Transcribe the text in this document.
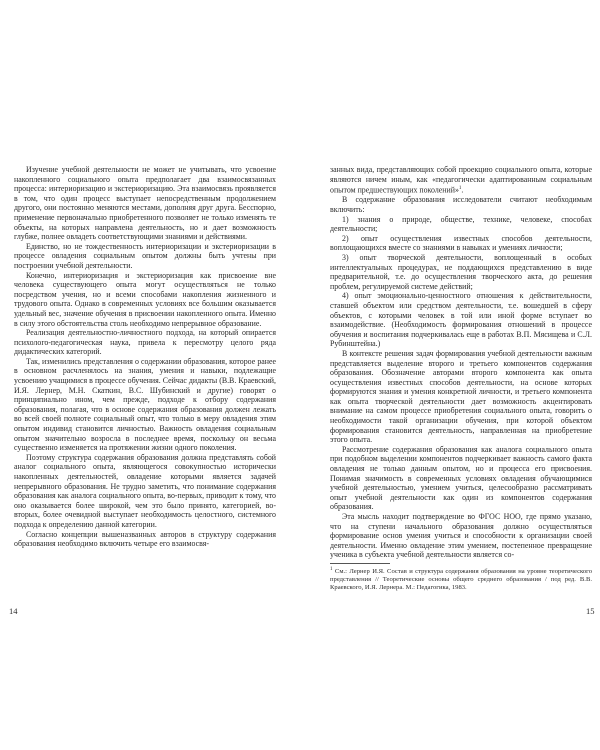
Изучение учебной деятельности не может не учитывать, что усвоение накопленного социального опыта предполагает два взаимосвязанных процесса: интериоризацию и экстериоризацию. Эта взаимосвязь проявляется в том, что один процесс выступает непосредственным продолжением другого, они постоянно меняются местами, дополняя друг друга. Бесспорно, применение первоначально приобретенного позволяет не только изменять те объекты, на которых направлена деятельность, но и дает возможность глубже, полнее овладеть соответствующими знаниями и действиями.

Единство, но не тождественность интериоризации и экстериоризации в процессе овладения социальным опытом должны быть учтены при построении учебной деятельности.

Конечно, интериоризация и экстериоризация как присвоение вне человека существующего опыта могут осуществляться не только посредством учения, но и всеми способами накопления жизненного и трудового опыта. Однако в современных условиях все большим оказывается удельный вес, значение обучения в присвоении накопленного опыта. Именно в силу этого обстоятельства столь необходимо непрерывное образование.

Реализация деятельностно-личностного подхода, на который опирается психолого-педагогическая наука, привела к пересмотру целого ряда дидактических категорий.

Так, изменились представления о содержании образования, которое ранее в основном расчленялось на знания, умения и навыки, подлежащие усвоению учащимися в процессе обучения. Сейчас дидакты (В.В. Краевский, И.Я. Лернер, М.Н. Скаткин, В.С. Шубинский и другие) говорят о принципиально ином, чем прежде, подходе к отбору содержания образования, полагая, что в основе содержания образования должен лежать во всей своей полноте социальный опыт, что только в меру овладения этим опытом индивид становится личностью. Важность овладения социальным опытом значительно возросла в последнее время, поскольку он весьма существенно изменяется на протяжении жизни одного поколения.

Поэтому структура содержания образования должна представлять собой аналог социального опыта, являющегося совокупностью исторически накопленных деятельностей, овладение которыми является задачей непрерывного образования. Не трудно заметить, что понимание содержания образования как аналога социального опыта, во-первых, приводит к тому, что оно оказывается более широкой, чем это было принято, категорией, во-вторых, более очевидной выступает необходимость целостного, системного подхода к определению данной категории.

Согласно концепции вышеназванных авторов в структуру содержания образования необходимо включить четыре его взаимосвя-

14

занных вида, представляющих собой проекцию социального опыта, которые являются ничем иным, как «педагогически адаптированным социальным опытом предшествующих поколений»$^1$.

В содержание образования исследователи считают необходимым включить:

1) знания о природе, обществе, технике, человеке, способах деятельности;

2) опыт осуществления известных способов деятельности, воплощающихся вместе со знаниями в навыках и умениях личности;

3) опыт творческой деятельности, воплощенный в особых интеллектуальных процедурах, не поддающихся представлению в виде предварительной, т.е. до осуществления творческого акта, до решения проблем, регулируемой системе действий;

4) опыт эмоционально-ценностного отношения к действительности, ставшей объектом или средством деятельности, т.е. вошедшей в сферу объектов, с которыми человек в той или иной форме вступает во взаимодействие. (Необходимость формирования отношений в процессе обучения и воспитания подчеркивалась еще в работах В.П. Мясищева и С.Л. Рубинштейна.)

В контексте решения задач формирования учебной деятельности важным представляется выделение второго и третьего компонентов содержания образования. Обозначение авторами второго компонента как опыта осуществления известных способов деятельности, на основе которых формируются знания и умения конкретной личности, и третьего компонента как опыта творческой деятельности дает возможность акцентировать внимание на самом процессе приобретения социального опыта, говорить о необходимости такой организации обучения, при которой объектом формирования становится деятельность, направленная на приобретение этого опыта.

Рассмотрение содержания образования как аналога социального опыта при подобном выделении компонентов подчеркивает важность самого факта овладения не только данным опытом, но и процесса его присвоения. Понимая значимость в современных условиях овладения обучающимися учебной деятельностью, умением учиться, целесообразно рассматривать опыт учебной деятельности как один из компонентов содержания образования.

Эта мысль находит подтверждение во ФГОС НОО, где прямо указано, что на ступени начального образования должно осуществляться формирование основ умения учиться и способности к организации своей деятельности. Именно овладение этим умением, постепенное превращение ученика в субъекта учебной деятельности является со-

$^1$ См.: Лернер И.Я. Состав и структура содержания образования на уровне теоретического представления // Теоретические основы общего среднего образования / под ред. В.В. Краевского, И.Я. Лернера. М.: Педагогика, 1983.
15
